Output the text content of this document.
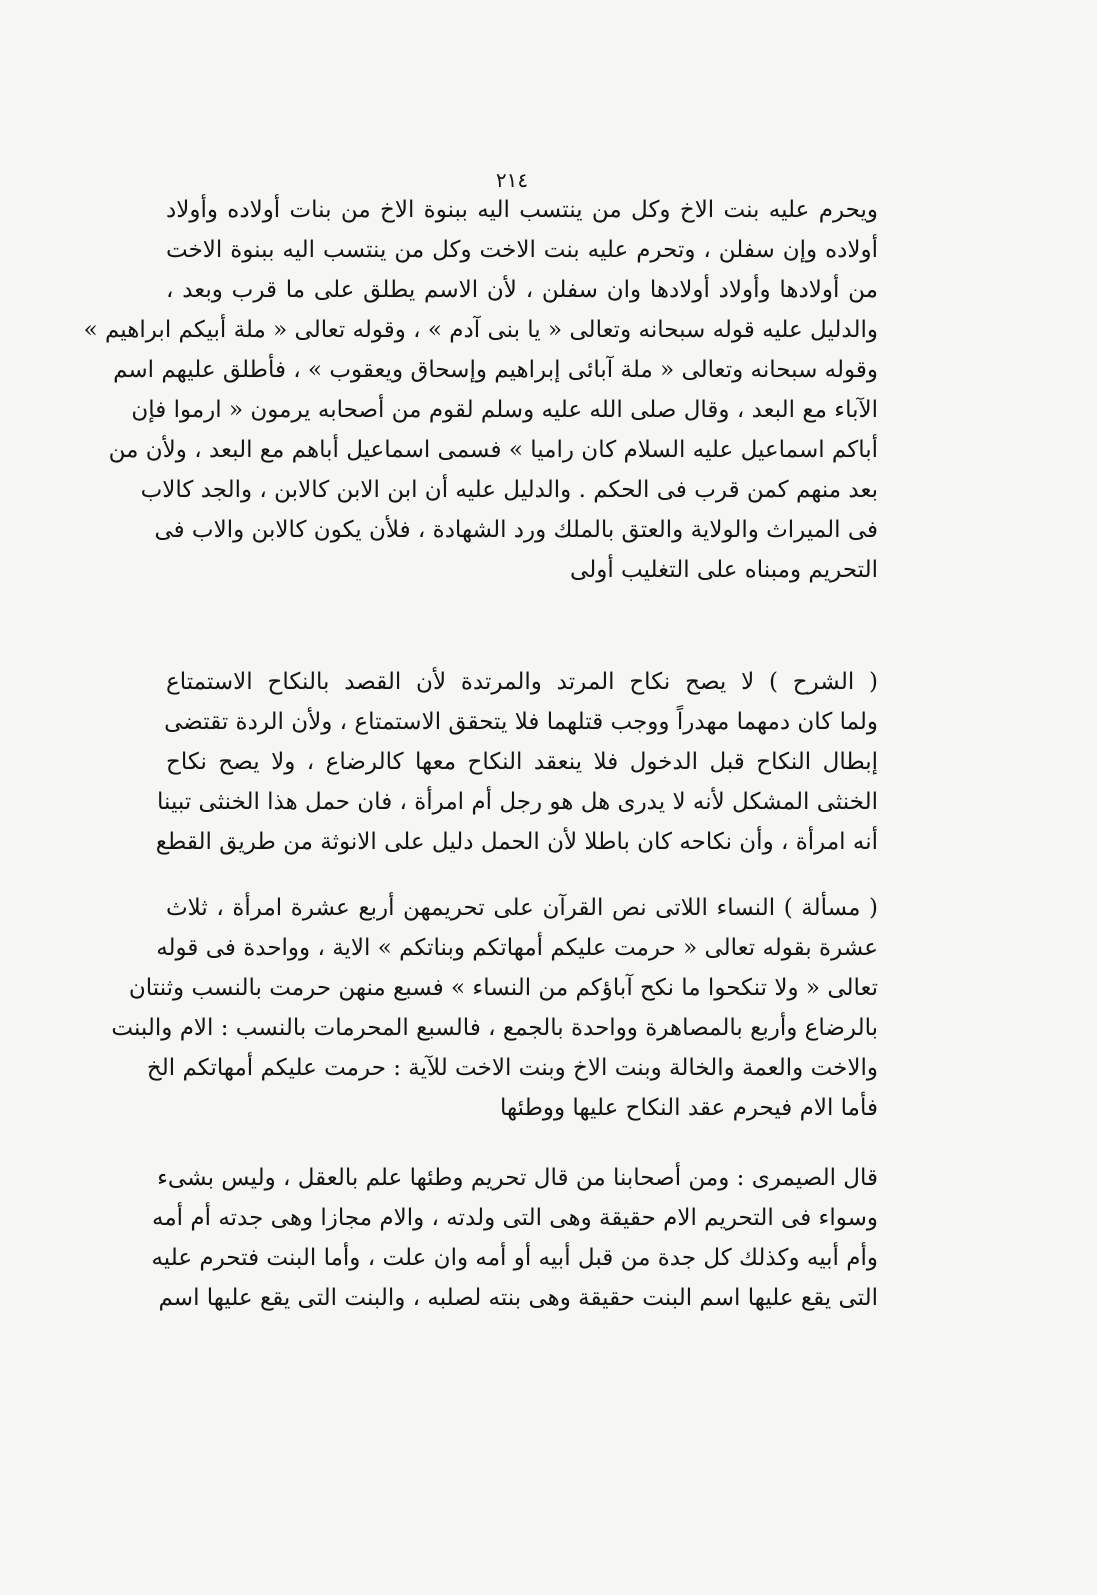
٢١٤
ويحرم عليه بنت الاخ وكل من ينتسب اليه ببنوة الاخ من بنات أولاده وأولاد
أولاده وإن سفلن ، وتحرم عليه بنت الاخت وكل من ينتسب اليه ببنوة الاخت
من أولادها وأولاد أولادها وان سفلن ، لأن الاسم يطلق على ما قرب وبعد ،
والدليل عليه قوله سبحانه وتعالى « يا بنى آدم » ، وقوله تعالى « ملة أبيكم ابراهيم »
وقوله سبحانه وتعالى « ملة آبائى إبراهيم وإسحاق ويعقوب » ، فأطلق عليهم اسم
الآباء مع البعد ، وقال صلى الله عليه وسلم لقوم من أصحابه يرمون « ارموا فإن
أباكم اسماعيل عليه السلام كان راميا » فسمى اسماعيل أباهم مع البعد ، ولأن من
بعد منهم كمن قرب فى الحكم . والدليل عليه أن ابن الابن كالابن ، والجد كالاب
فى الميراث والولاية والعتق بالملك ورد الشهادة ، فلأن يكون كالابن والاب فى
التحريم ومبناه على التغليب أولى
( الشرح ) لا يصح نكاح المرتد والمرتدة لأن القصد بالنكاح الاستمتاع
ولما كان دمهما مهدراً ووجب قتلهما فلا يتحقق الاستمتاع ، ولأن الردة تقتضى
إبطال النكاح قبل الدخول فلا ينعقد النكاح معها كالرضاع ، ولا يصح نكاح
الخنثى المشكل لأنه لا يدرى هل هو رجل أم امرأة ، فان حمل هذا الخنثى تبينا
أنه امرأة ، وأن نكاحه كان باطلا لأن الحمل دليل على الانوثة من طريق القطع
( مسألة ) النساء اللاتى نص القرآن على تحريمهن أربع عشرة امرأة ، ثلاث
عشرة بقوله تعالى « حرمت عليكم أمهاتكم وبناتكم » الاية ، وواحدة فى قوله
تعالى « ولا تنكحوا ما نكح آباؤكم من النساء » فسبع منهن حرمت بالنسب وثنتان
بالرضاع وأربع بالمصاهرة وواحدة بالجمع ، فالسبع المحرمات بالنسب : الام والبنت
والاخت والعمة والخالة وبنت الاخ وبنت الاخت للآية : حرمت عليكم أمهاتكم الخ
فأما الام فيحرم عقد النكاح عليها ووطئها
قال الصيمرى : ومن أصحابنا من قال تحريم وطئها علم بالعقل ، وليس بشىء
وسواء فى التحريم الام حقيقة وهى التى ولدته ، والام مجازا وهى جدته أم أمه
وأم أبيه وكذلك كل جدة من قبل أبيه أو أمه وان علت ، وأما البنت فتحرم عليه
التى يقع عليها اسم البنت حقيقة وهى بنته لصلبه ، والبنت التى يقع عليها اسم
